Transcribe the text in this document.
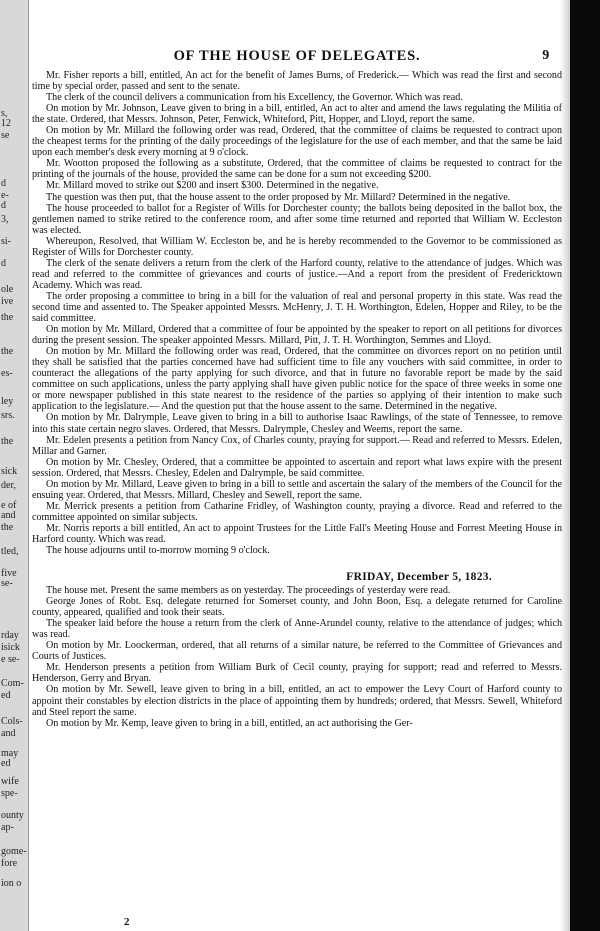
s,
12
se
d
e-
d
3,
si-
d
ole
ive
the
the
es-
ley
srs.
the
sick
der,
e of
and
the
tled,
five
se-
rday
isick
e se-
Com-
ed
Cols-
and
may
ed
wife
spe-
ounty
ap-
gome-
fore
ion o
OF THE HOUSE OF DELEGATES.	9

Mr. Fisher reports a bill, entitled, An act for the benefit of James Burns, of Frederick.— Which was read the first and second time by special order, passed and sent to the senate.

The clerk of the council delivers a communication from his Excellency, the Governor. Which was read.

On motion by Mr. Johnson, Leave given to bring in a bill, entitled, An act to alter and amend the laws regulating the Militia of the state. Ordered, that Messrs. Johnson, Peter, Fenwick, Whiteford, Pitt, Hopper, and Lloyd, report the same.

On motion by Mr. Millard the following order was read, Ordered, that the committee of claims be requested to contract upon the cheapest terms for the printing of the daily proceedings of the legislature for the use of each member, and that the same be laid upon each member's desk every morning at 9 o'clock.

Mr. Wootton proposed the following as a substitute, Ordered, that the committee of claims be requested to contract for the printing of the journals of the house, provided the same can be done for a sum not exceeding $200.

Mr. Millard moved to strike out $200 and insert $300. Determined in the negative.

The question was then put, that the house assent to the order proposed by Mr. Millard? Determined in the negative.

The house proceeded to ballot for a Register of Wills for Dorchester county; the ballots being deposited in the ballot box, the gentlemen named to strike retired to the conference room, and after some time returned and reported that William W. Eccleston was elected.

Whereupon, Resolved, that William W. Eccleston be, and he is hereby recommended to the Governor to be commissioned as Register of Wills for Dorchester county.

The clerk of the senate delivers a return from the clerk of the Harford county, relative to the attendance of judges. Which was read and referred to the committee of grievances and courts of justice.—And a report from the president of Fredericktown Academy. Which was read.

The order proposing a committee to bring in a bill for the valuation of real and personal property in this state. Was read the second time and assented to. The Speaker appointed Messrs. McHenry, J. T. H. Worthington, Edelen, Hopper and Riley, to be the said committee.

On motion by Mr. Millard, Ordered that a committee of four be appointed by the speaker to report on all petitions for divorces during the present session. The speaker appointed Messrs. Millard, Pitt, J. T. H. Worthington, Semmes and Lloyd.

On motion by Mr. Millard the following order was read, Ordered, that the committee on divorces report on no petition until they shall be satisfied that the parties concerned have had sufficient time to file any vouchers with said committee, in order to counteract the allegations of the party applying for such divorce, and that in future no favorable report be made by the said committee on such applications, unless the party applying shall have given public notice for the space of three weeks in some one or more newspaper published in this state nearest to the residence of the parties so applying of their intention to make such application to the legislature.— And the question put that the house assent to the same. Determined in the negative.

On motion by Mr. Dalrymple, Leave given to bring in a bill to authorise Isaac Rawlings, of the state of Tennessee, to remove into this state certain negro slaves. Ordered, that Messrs. Dalrymple, Chesley and Weems, report the same.

Mr. Edelen presents a petition from Nancy Cox, of Charles county, praying for support.— Read and referred to Messrs. Edelen, Millar and Garner.

On motion by Mr. Chesley, Ordered, that a committee be appointed to ascertain and report what laws expire with the present session. Ordered, that Messrs. Chesley, Edelen and Dalrymple, be said committee.

On motion by Mr. Millard, Leave given to bring in a bill to settle and ascertain the salary of the members of the Council for the ensuing year. Ordered, that Messrs. Millard, Chesley and Sewell, report the same.

Mr. Merrick presents a petition from Catharine Fridley, of Washington county, praying a divorce. Read and referred to the committee appointed on similar subjects.

Mr. Norris reports a bill entitled, An act to appoint Trustees for the Little Fall's Meeting House and Forrest Meeting House in Harford county. Which was read.

The house adjourns until to-morrow morning 9 o'clock.

FRIDAY, December 5, 1823.

The house met. Present the same members as on yesterday. The proceedings of yesterday were read.

George Jones of Robt. Esq. delegate returned for Somerset county, and John Boon, Esq. a delegate returned for Caroline county, appeared, qualified and took their seats.

The speaker laid before the house a return from the clerk of Anne-Arundel county, relative to the attendance of judges; which was read.

On motion by Mr. Loockerman, ordered, that all returns of a similar nature, be referred to the Committee of Grievances and Courts of Justices.

Mr. Henderson presents a petition from William Burk of Cecil county, praying for support; read and referred to Messrs. Henderson, Gerry and Bryan.

On motion by Mr. Sewell, leave given to bring in a bill, entitled, an act to empower the Levy Court of Harford county to appoint their constables by election districts in the place of appointing them by hundreds; ordered, that Messrs. Sewell, Whiteford and Steel report the same.

On motion by Mr. Kemp, leave given to bring in a bill, entitled, an act authorising the Ger-

2
